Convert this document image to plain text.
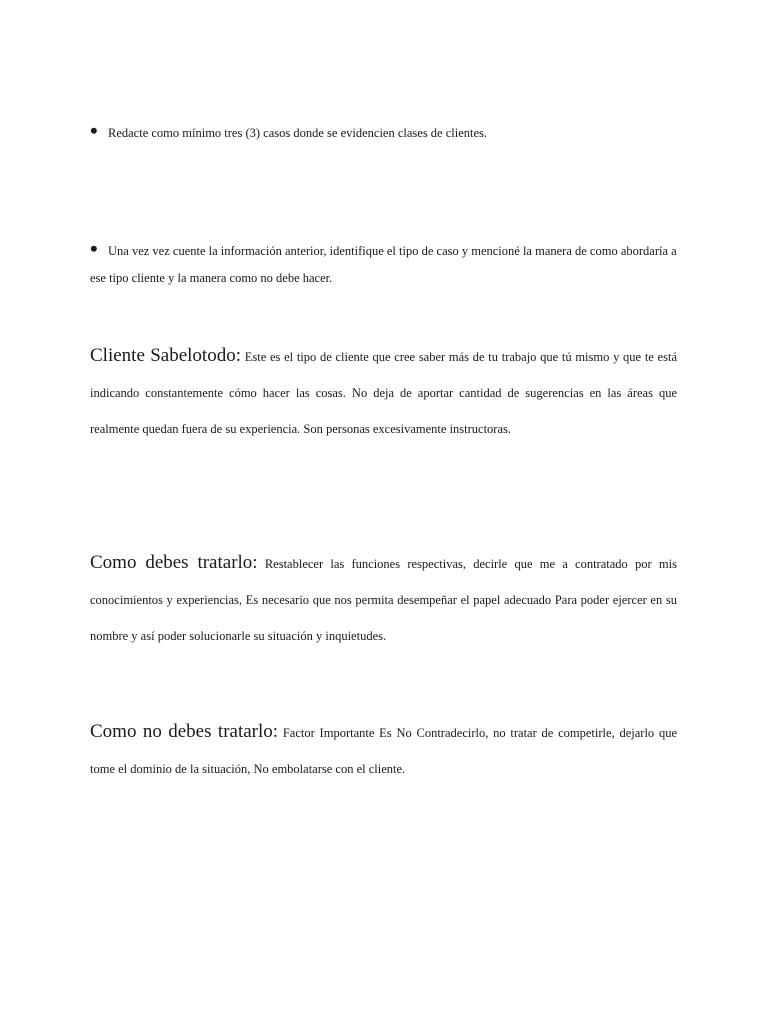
• Redacte como mínimo tres (3) casos donde se evidencien clases de clientes.

• Una vez vez cuente la información anterior, identifique el tipo de caso y mencioné la manera de como abordaría a ese tipo cliente y la manera como no debe hacer.

Cliente Sabelotodo: Este es el tipo de cliente que cree saber más de tu trabajo que tú mismo y que te está indicando constantemente cómo hacer las cosas. No deja de aportar cantidad de sugerencias en las áreas que realmente quedan fuera de su experiencia. Son personas excesivamente instructoras.

Como debes tratarlo: Restablecer las funciones respectivas, decirle que me a contratado por mis conocimientos y experiencias, Es necesario que nos permita desempeñar el papel adecuado Para poder ejercer en su nombre y así poder solucionarle su situación y inquietudes.

Como no debes tratarlo: Factor Importante Es No Contradecirlo, no tratar de competirle, dejarlo que tome el dominio de la situación, No embolatarse con el cliente.
